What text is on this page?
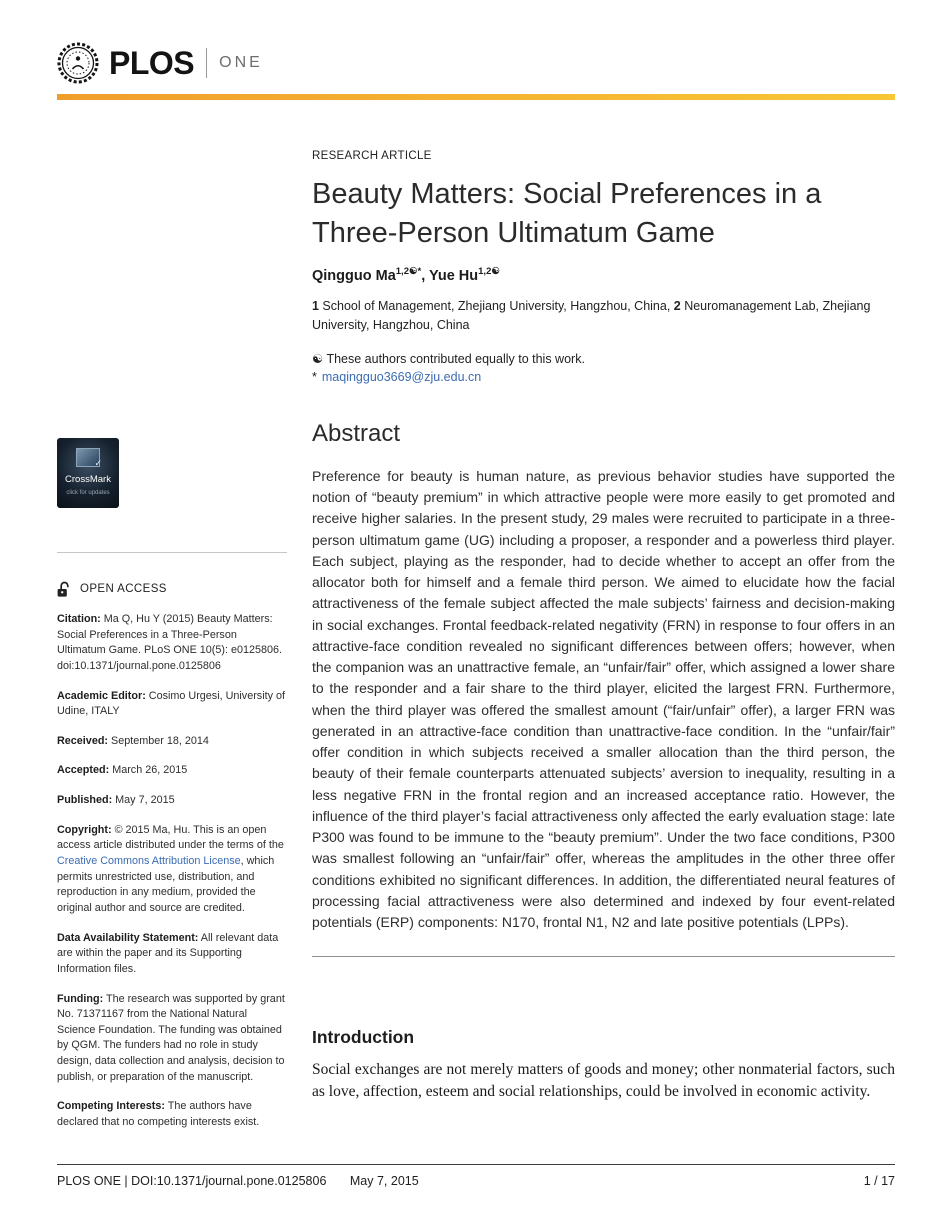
PLOS ONE
✓
CrossMark
click for updates
OPEN ACCESS

Citation: Ma Q, Hu Y (2015) Beauty Matters: Social Preferences in a Three-Person Ultimatum Game. PLoS ONE 10(5): e0125806. doi:10.1371/journal.pone.0125806

Academic Editor: Cosimo Urgesi, University of Udine, ITALY

Received: September 18, 2014

Accepted: March 26, 2015

Published: May 7, 2015

Copyright: © 2015 Ma, Hu. This is an open access article distributed under the terms of the Creative Commons Attribution License, which permits unrestricted use, distribution, and reproduction in any medium, provided the original author and source are credited.

Data Availability Statement: All relevant data are within the paper and its Supporting Information files.

Funding: The research was supported by grant No. 71371167 from the National Natural Science Foundation. The funding was obtained by QGM. The funders had no role in study design, data collection and analysis, decision to publish, or preparation of the manuscript.

Competing Interests: The authors have declared that no competing interests exist.

RESEARCH ARTICLE
Beauty Matters: Social Preferences in a Three-Person Ultimatum Game

Qingguo $Ma^{1,2☯*}$, Yue $Hu^{1,2☯}$

1 School of Management, Zhejiang University, Hangzhou, China, 2 Neuromanagement Lab, Zhejiang University, Hangzhou, China

☯ These authors contributed equally to this work.

* maqingguo3669@zju.edu.cn

Abstract

Preference for beauty is human nature, as previous behavior studies have supported the notion of “beauty premium” in which attractive people were more easily to get promoted and receive higher salaries. In the present study, 29 males were recruited to participate in a three-person ultimatum game (UG) including a proposer, a responder and a powerless third player. Each subject, playing as the responder, had to decide whether to accept an offer from the allocator both for himself and a female third person. We aimed to elucidate how the facial attractiveness of the female subject affected the male subjects’ fairness and decision-making in social exchanges. Frontal feedback-related negativity (FRN) in response to four offers in an attractive-face condition revealed no significant differences between offers; however, when the companion was an unattractive female, an “unfair/fair” offer, which assigned a lower share to the responder and a fair share to the third player, elicited the largest FRN. Furthermore, when the third player was offered the smallest amount (“fair/unfair” offer), a larger FRN was generated in an attractive-face condition than unattractive-face condition. In the “unfair/fair” offer condition in which subjects received a smaller allocation than the third person, the beauty of their female counterparts attenuated subjects’ aversion to inequality, resulting in a less negative FRN in the frontal region and an increased acceptance ratio. However, the influence of the third player’s facial attractiveness only affected the early evaluation stage: late P300 was found to be immune to the “beauty premium”. Under the two face conditions, P300 was smallest following an “unfair/fair” offer, whereas the amplitudes in the other three offer conditions exhibited no significant differences. In addition, the differentiated neural features of processing facial attractiveness were also determined and indexed by four event-related potentials (ERP) components: N170, frontal N1, N2 and late positive potentials (LPPs).

Introduction

Social exchanges are not merely matters of goods and money; other nonmaterial factors, such as love, affection, esteem and social relationships, could be involved in economic activity.

PLOS ONE | DOI:10.1371/journal.pone.0125806 May 7, 2015	1 / 17
